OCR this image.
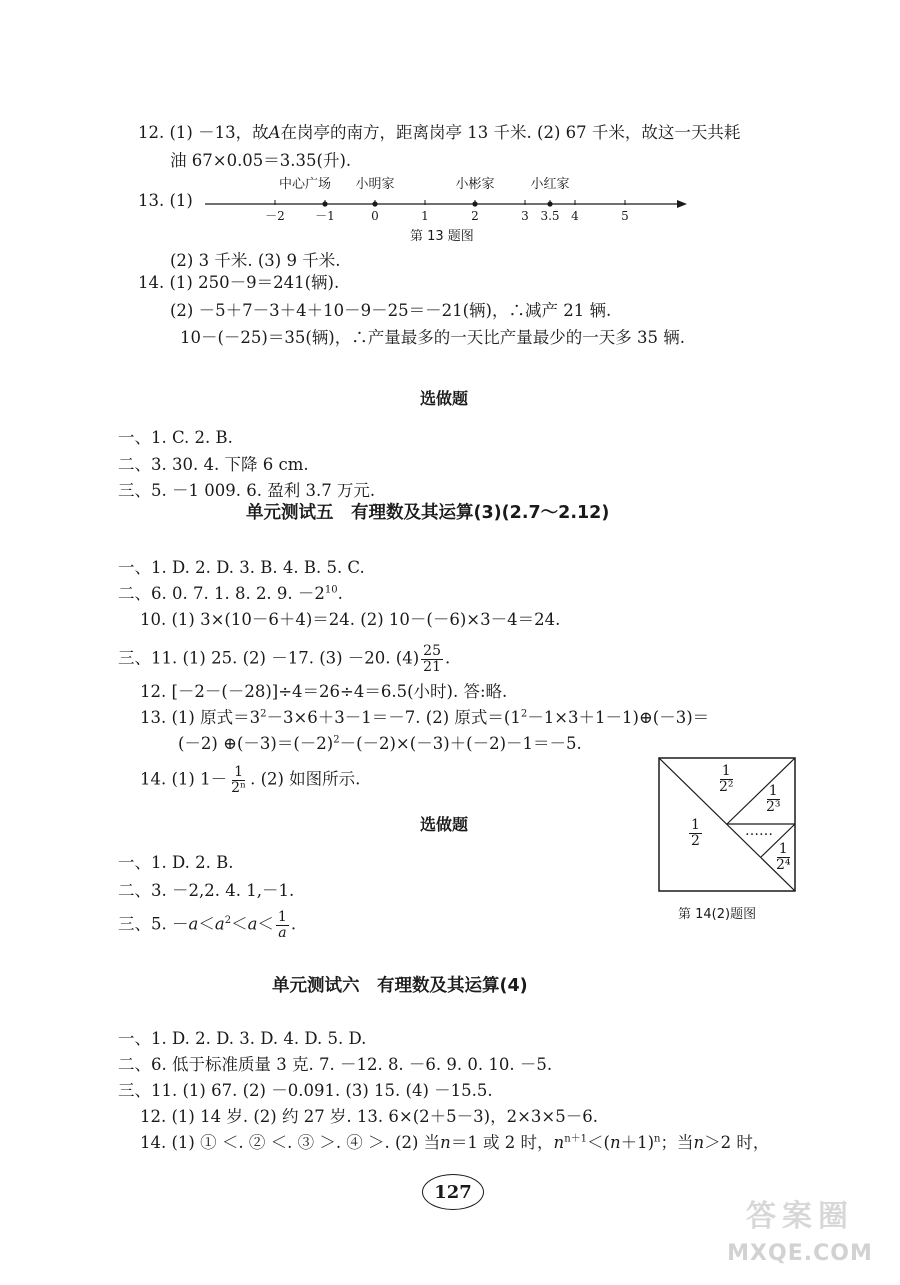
12. (1) －13，故A在岗亭的南方，距离岗亭 13 千米. (2) 67 千米，故这一天共耗
油 67×0.05＝3.35(升).
13. (1)
－2	－1	0	1	2	3 3.5 4	5
中心广场 小明家	小彬家	小红家
第 13 题图
(2) 3 千米. (3) 9 千米.
14. (1) 250－9＝241(辆).
(2) －5＋7－3＋4＋10－9－25＝－21(辆)，∴减产 21 辆.
10－(－25)＝35(辆)，∴产量最多的一天比产量最少的一天多 35 辆.
选做题
一、1. C. 2. B.
二、3. 30. 4. 下降 6 cm.
三、5. －1 009. 6. 盈利 3.7 万元.
单元测试五　有理数及其运算(3)(2.7～2.12)
一、1. D. 2. D. 3. B. 4. B. 5. C.
二、6. 0. 7. 1. 8. 2. 9. $-2^{10}$.
10. (1) 3×(10－6＋4)＝24. (2) 10－(－6)×3－4＝24.
三、11. (1) 25. (2) －17. (3) －20. $(4) \frac{25}{21}$ .
12. [－2－(－28)]÷4＝26÷4＝6.5(小时). 答:略.
13. (1) 原式$=3^2-3\times 6+3-1=-7$. (2) 原式$=(1^2-1\times 3+1-1)\oplus(-3)=$
(－2) $\oplus(-3)=(-2)^2-(-2)\times(-3)+(-2)-1=-5$.
14. (1) $1- \frac{1}{\text{2ⁿ}}$ . (2) 如图所示.
$\frac{1}{2}$
$\frac{1}{\text{2²}}$
$\frac{1}{\text{2³}}$
……
$\frac{1}{\text{2⁴}}$
第 14(2)题图
选做题
一、1. D. 2. B.
二、3. －2,2. 4. 1,－1.
三、5. $-a<a^2<a< \frac{1}{a}$ .
单元测试六　有理数及其运算(4)
一、1. D. 2. D. 3. D. 4. D. 5. D.
二、6. 低于标准质量 3 克. 7. －12. 8. －6. 9. 0. 10. －5.
三、11. (1) 67. (2) －0.091. (3) 15. (4) －15.5.
12. (1) 14 岁. (2) 约 27 岁. 13. 6×(2＋5－3)，2×3×5－6.
14. (1) ① ＜. ② ＜. ③ ＞. ④ ＞. (2) 当n＝1 或 2 时，$n^{n+1}<(n+1)^n$；当n＞2 时，
127
答案圈
MXQE.COM
